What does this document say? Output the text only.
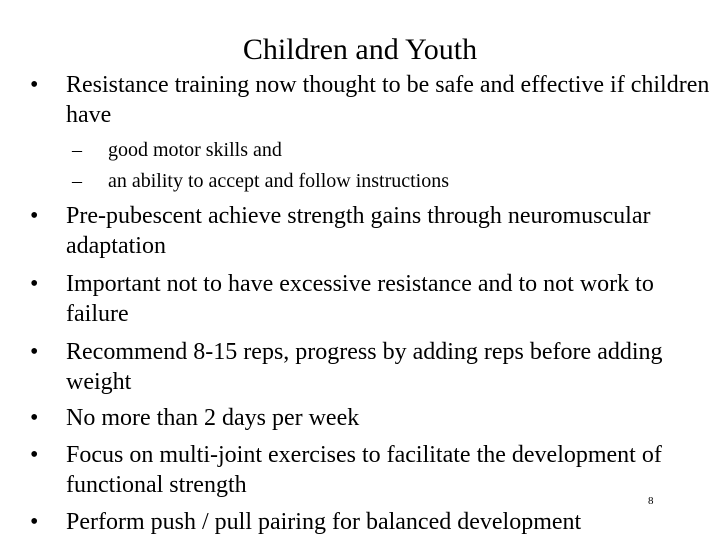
Children and Youth
•	Resistance training now thought to be safe and effective if children have
– good motor skills and
– an ability to accept and follow instructions
•	Pre-pubescent achieve strength gains through neuromuscular adaptation
•	Important not to have excessive resistance and to not work to failure
•	Recommend 8-15 reps, progress by adding reps before adding weight
•	No more than 2 days per week
•	Focus on multi-joint exercises to facilitate the development of functional strength
8
•	Perform push / pull pairing for balanced development
